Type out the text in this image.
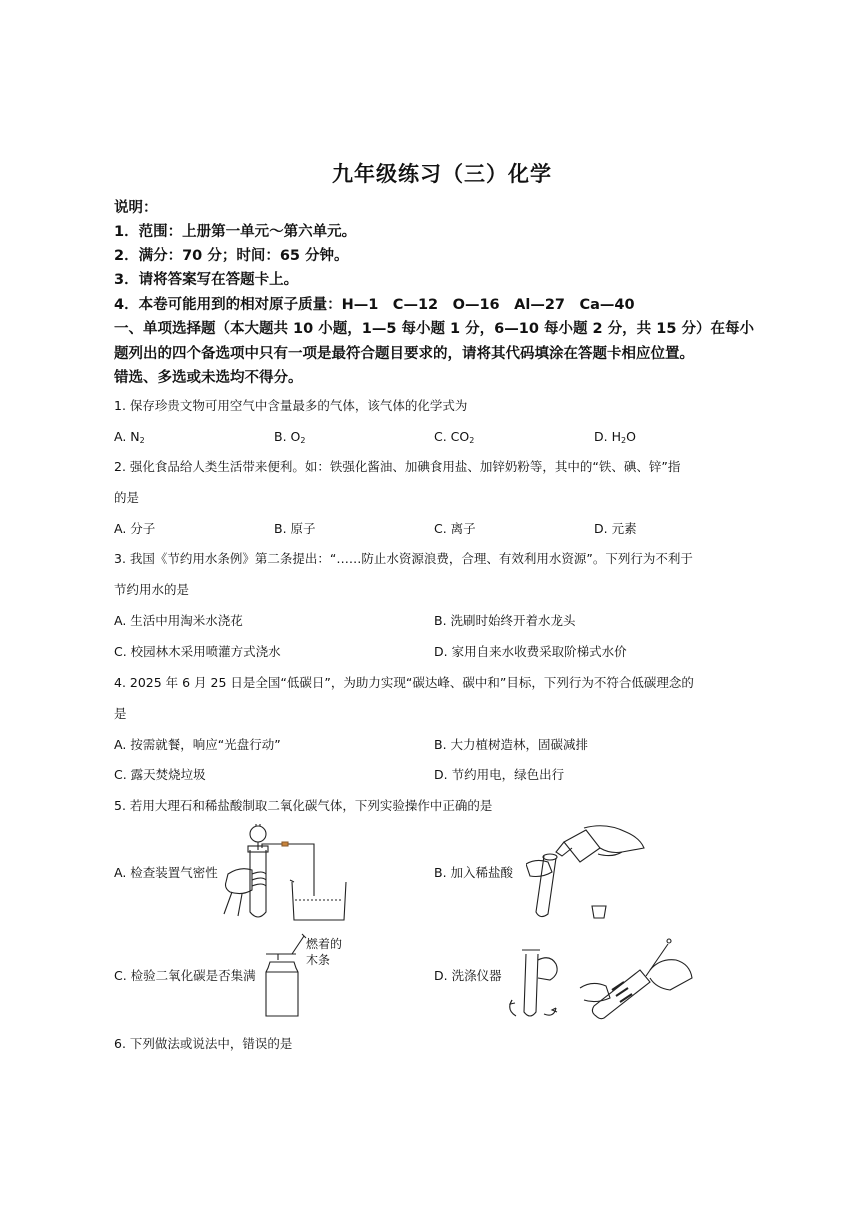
九年级练习（三）化学
说明：
1．范围：上册第一单元～第六单元。
2．满分：70 分；时间：65 分钟。
3．请将答案写在答题卡上。
4．本卷可能用到的相对原子质量：H—1　C—12　O—16　Al—27　Ca—40
一、单项选择题（本大题共 10 小题，1—5 每小题 1 分，6—10 每小题 2 分，共 15 分）在每小
题列出的四个备选项中只有一项是最符合题目要求的，请将其代码填涂在答题卡相应位置。
错选、多选或未选均不得分。
1. 保存珍贵文物可用空气中含量最多的气体，该气体的化学式为
A. $N_2$	B. $O_2$	C. $CO_2$	D. $H_2O$
2. 强化食品给人类生活带来便利。如：铁强化酱油、加碘食用盐、加锌奶粉等，其中的“铁、碘、锌”指
的是
A. 分子	B. 原子	C. 离子	D. 元素
3. 我国《节约用水条例》第二条提出：“……防止水资源浪费，合理、有效利用水资源”。下列行为不利于
节约用水的是
A. 生活中用淘米水浇花	B. 洗刷时始终开着水龙头
C. 校园林木采用喷灌方式浇水	D. 家用自来水收费采取阶梯式水价
4. 2025 年 6 月 25 日是全国“低碳日”，为助力实现“碳达峰、碳中和”目标，下列行为不符合低碳理念的
是
A. 按需就餐，响应“光盘行动”	B. 大力植树造林，固碳减排
C. 露天焚烧垃圾	D. 节约用电，绿色出行
5. 若用大理石和稀盐酸制取二氧化碳气体，下列实验操作中正确的是
A. 检查装置气密性	B. 加入稀盐酸
C. 检验二氧化碳是否集满	D. 洗涤仪器
燃着的
木条
6. 下列做法或说法中，错误的是
